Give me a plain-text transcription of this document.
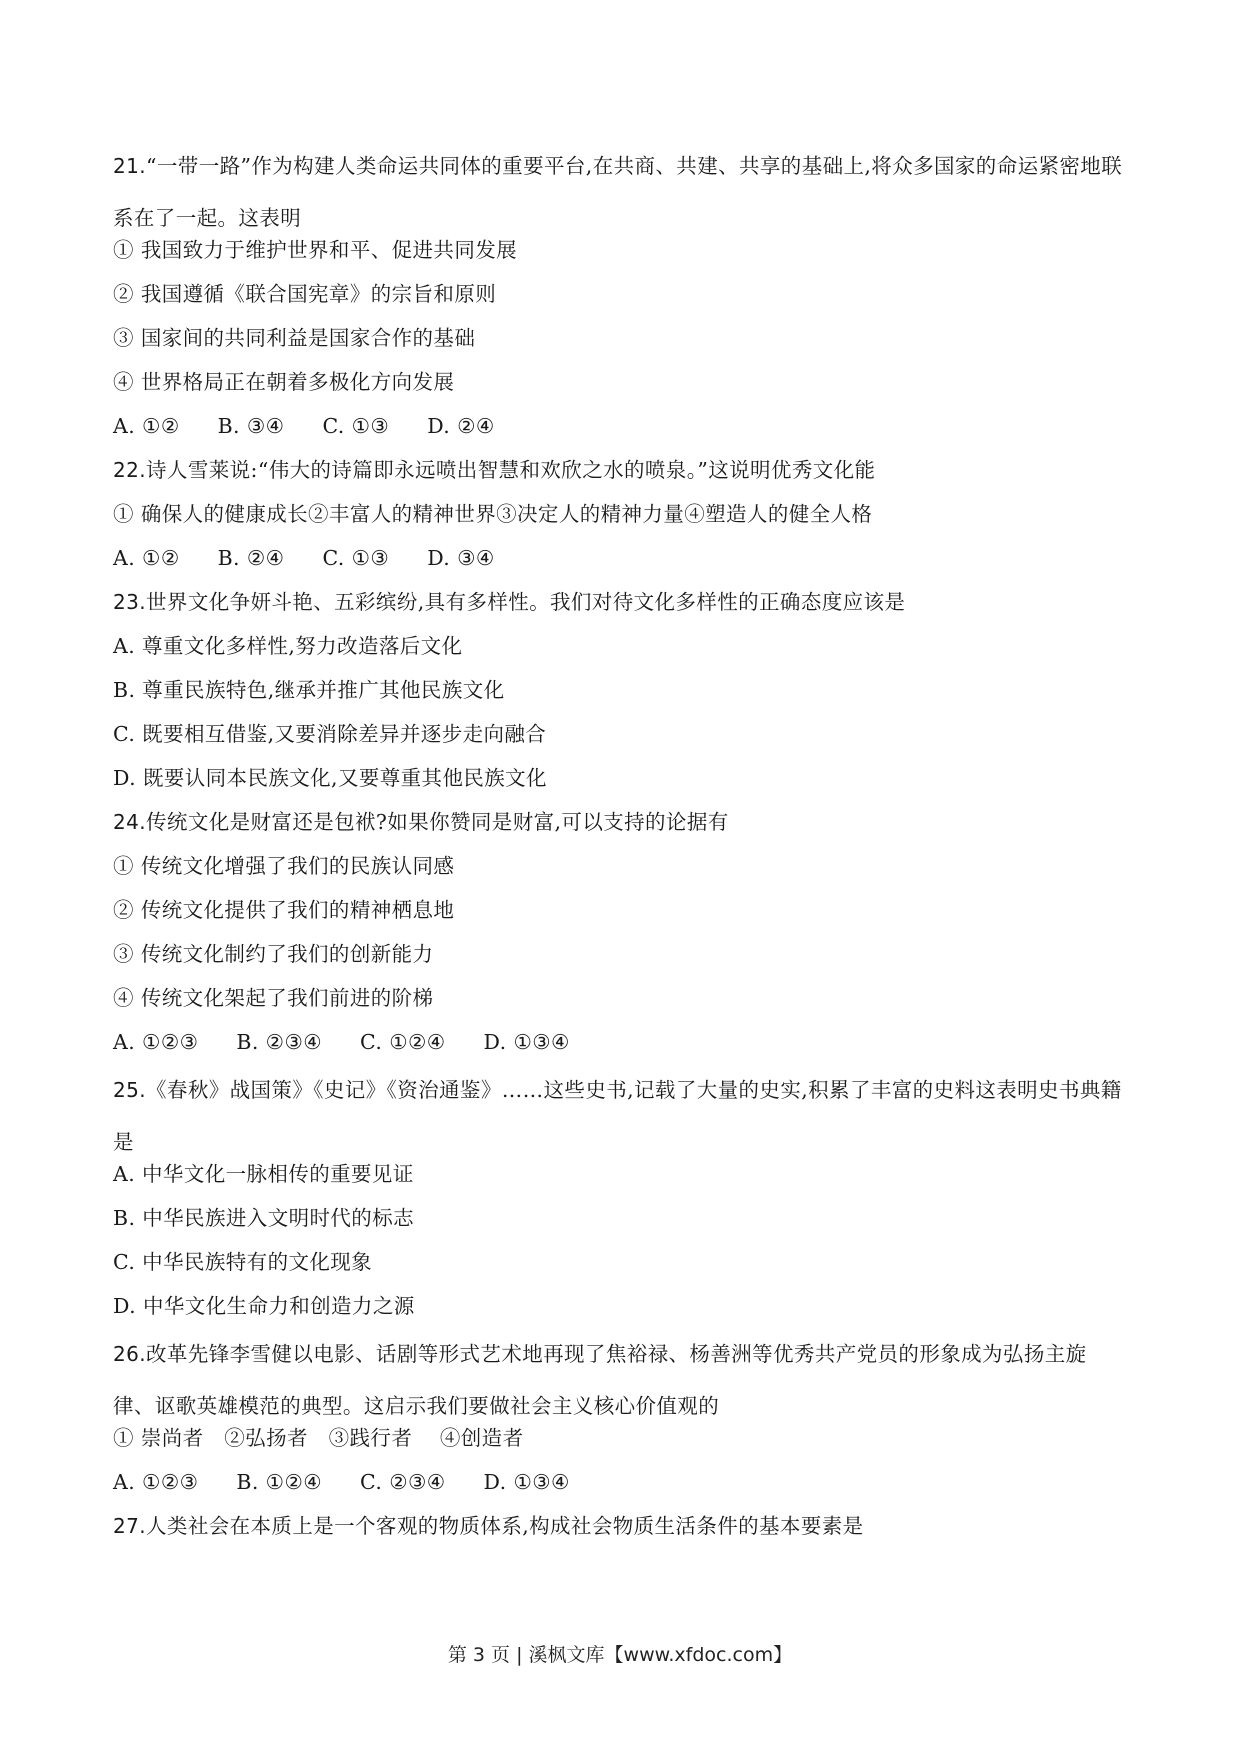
21.“一带一路”作为构建人类命运共同体的重要平台,在共商、共建、共享的基础上,将众多国家的命运紧密地联系在了一起。这表明
① 我国致力于维护世界和平、促进共同发展
② 我国遵循《联合国宪章》的宗旨和原则
③ 国家间的共同利益是国家合作的基础
④ 世界格局正在朝着多极化方向发展
A. ①② B. ③④ C. ①③ D. ②④
22.诗人雪莱说:“伟大的诗篇即永远喷出智慧和欢欣之水的喷泉。”这说明优秀文化能
① 确保人的健康成长②丰富人的精神世界③决定人的精神力量④塑造人的健全人格
A. ①② B. ②④ C. ①③ D. ③④
23.世界文化争妍斗艳、五彩缤纷,具有多样性。我们对待文化多样性的正确态度应该是
A. 尊重文化多样性,努力改造落后文化
B. 尊重民族特色,继承并推广其他民族文化
C. 既要相互借鉴,又要消除差异并逐步走向融合
D. 既要认同本民族文化,又要尊重其他民族文化
24.传统文化是财富还是包袱?如果你赞同是财富,可以支持的论据有
① 传统文化增强了我们的民族认同感
② 传统文化提供了我们的精神栖息地
③ 传统文化制约了我们的创新能力
④ 传统文化架起了我们前进的阶梯
A. ①②③ B. ②③④ C. ①②④ D. ①③④
25.《春秋》战国策》《史记》《资治通鉴》……这些史书,记载了大量的史实,积累了丰富的史料这表明史书典籍是
A. 中华文化一脉相传的重要见证
B. 中华民族进入文明时代的标志
C. 中华民族特有的文化现象
D. 中华文化生命力和创造力之源
26.改革先锋李雪健以电影、话剧等形式艺术地再现了焦裕禄、杨善洲等优秀共产党员的形象成为弘扬主旋律、讴歌英雄模范的典型。这启示我们要做社会主义核心价值观的
① 崇尚者   ②弘扬者   ③践行者    ④创造者
A. ①②③ B. ①②④ C. ②③④ D. ①③④
27.人类社会在本质上是一个客观的物质体系,构成社会物质生活条件的基本要素是
第 3 页 | 溪枫文库【www.xfdoc.com】
